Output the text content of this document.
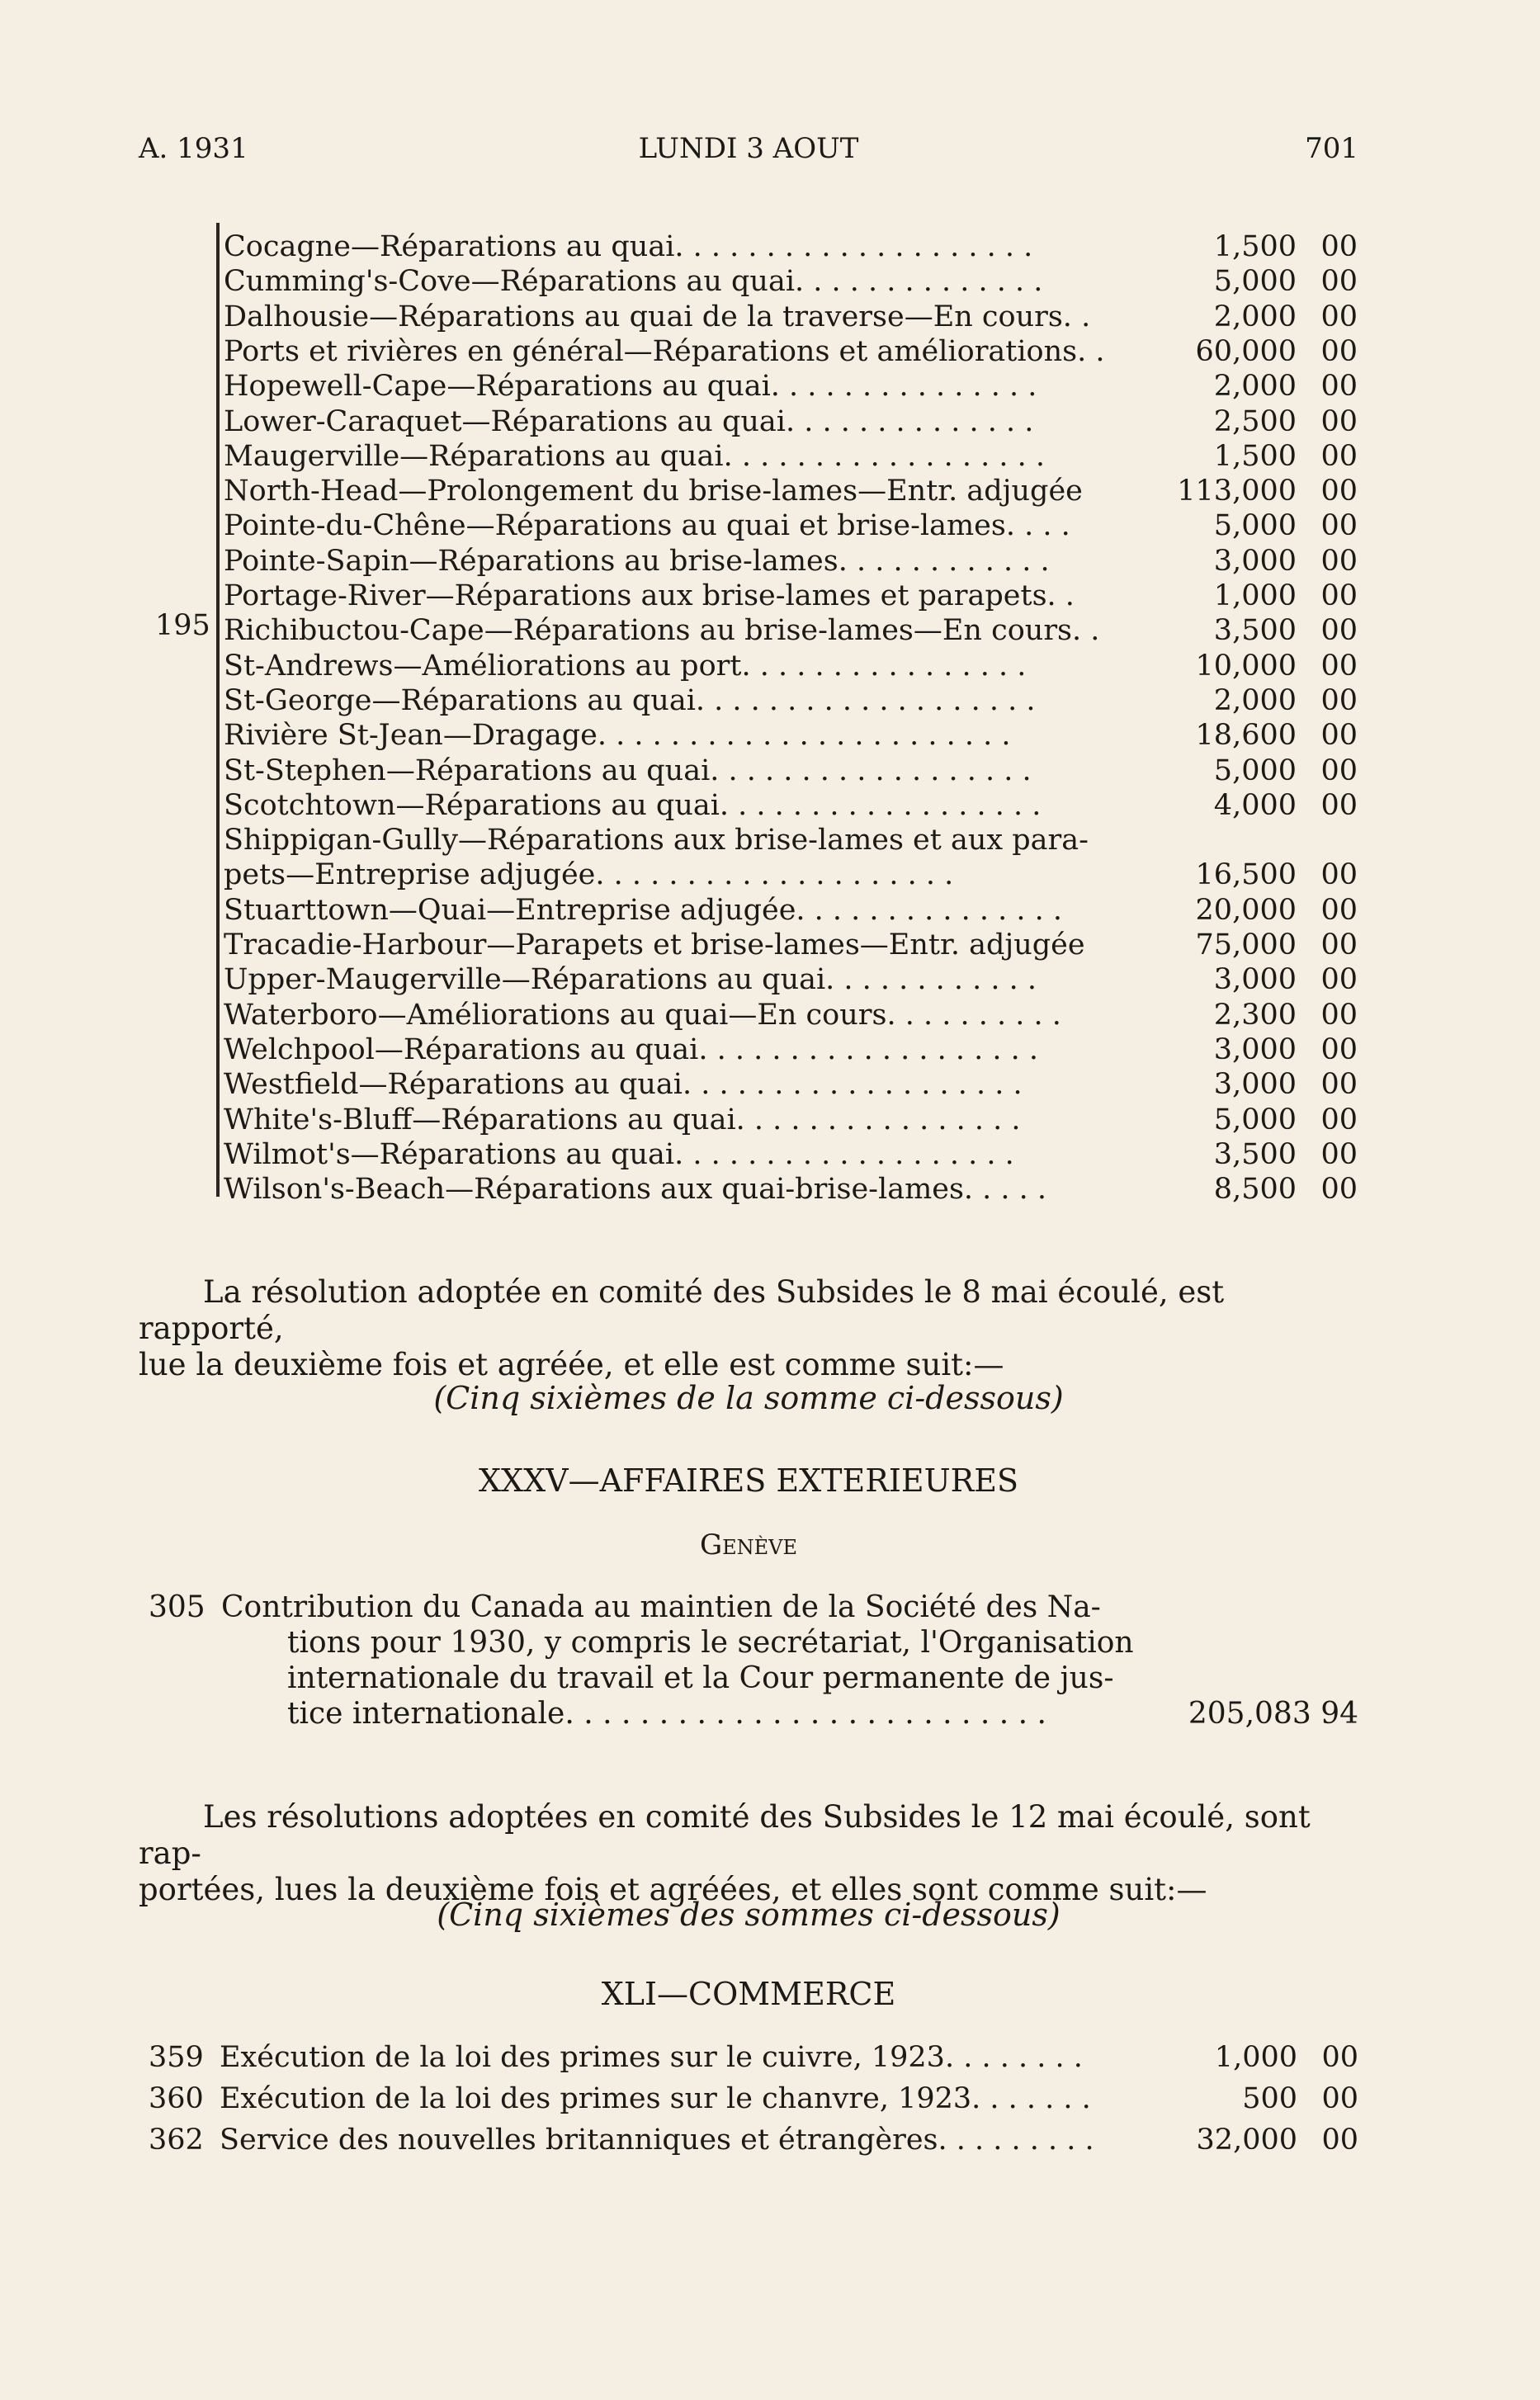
A. 1931	LUNDI 3 AOUT	701
195
Cocagne—Réparations au quai. . . . . . . . . . . . . . . . . . . .	1,500 00
Cumming's-Cove—Réparations au quai. . . . . . . . . . . . . .	5,000 00
Dalhousie—Réparations au quai de la traverse—En cours. .	2,000 00
Ports et rivières en général—Réparations et améliorations. .	60,000 00
Hopewell-Cape—Réparations au quai. . . . . . . . . . . . . . .	2,000 00
Lower-Caraquet—Réparations au quai. . . . . . . . . . . . . .	2,500 00
Maugerville—Réparations au quai. . . . . . . . . . . . . . . . . .	1,500 00
North-Head—Prolongement du brise-lames—Entr. adjugée	113,000 00
Pointe-du-Chêne—Réparations au quai et brise-lames. . . .	5,000 00
Pointe-Sapin—Réparations au brise-lames. . . . . . . . . . . .	3,000 00
Portage-River—Réparations aux brise-lames et parapets. .	1,000 00
Richibuctou-Cape—Réparations au brise-lames—En cours. .	3,500 00
St-Andrews—Améliorations au port. . . . . . . . . . . . . . . .	10,000 00
St-George—Réparations au quai. . . . . . . . . . . . . . . . . . .	2,000 00
Rivière St-Jean—Dragage. . . . . . . . . . . . . . . . . . . . . . .	18,600 00
St-Stephen—Réparations au quai. . . . . . . . . . . . . . . . . .	5,000 00
Scotchtown—Réparations au quai. . . . . . . . . . . . . . . . . .	4,000 00
Shippigan-Gully—Réparations aux brise-lames et aux para-
pets—Entreprise adjugée. . . . . . . . . . . . . . . . . . . .	16,500 00
Stuarttown—Quai—Entreprise adjugée. . . . . . . . . . . . . . .	20,000 00
Tracadie-Harbour—Parapets et brise-lames—Entr. adjugée	75,000 00
Upper-Maugerville—Réparations au quai. . . . . . . . . . . .	3,000 00
Waterboro—Améliorations au quai—En cours. . . . . . . . . .	2,300 00
Welchpool—Réparations au quai. . . . . . . . . . . . . . . . . . .	3,000 00
Westfield—Réparations au quai. . . . . . . . . . . . . . . . . . .	3,000 00
White's-Bluff—Réparations au quai. . . . . . . . . . . . . . . .	5,000 00
Wilmot's—Réparations au quai. . . . . . . . . . . . . . . . . . .	3,500 00
Wilson's-Beach—Réparations aux quai-brise-lames. . . . .	8,500 00
La résolution adoptée en comité des Subsides le 8 mai écoulé, est rapporté,
lue la deuxième fois et agréée, et elle est comme suit:—
(Cinq sixièmes de la somme ci-dessous)
XXXV—AFFAIRES EXTERIEURES
Genève
305 Contribution du Canada au maintien de la Société des Na-
tions pour 1930, y compris le secrétariat, l'Organisation
internationale du travail et la Cour permanente de jus-
tice internationale. . . . . . . . . . . . . . . . . . . . . . . . . .	205,083 94
Les résolutions adoptées en comité des Subsides le 12 mai écoulé, sont rap-
portées, lues la deuxième fois et agréées, et elles sont comme suit:—
(Cinq sixièmes des sommes ci-dessous)
XLI—COMMERCE
359 Exécution de la loi des primes sur le cuivre, 1923. . . . . . . .	1,000 00
360 Exécution de la loi des primes sur le chanvre, 1923. . . . . . .	500 00
362 Service des nouvelles britanniques et étrangères. . . . . . . . .	32,000 00
